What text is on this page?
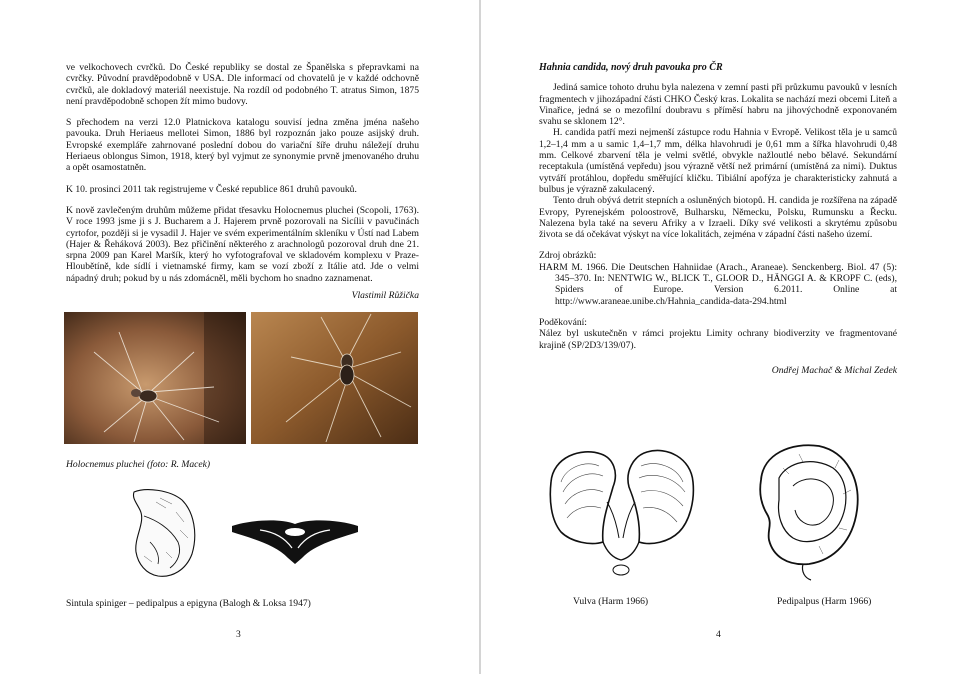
ve velkochovech cvrčků. Do České republiky se dostal ze Španělska s přepravkami na cvrčky. Původní pravděpodobně v USA. Dle informací od chovatelů je v každé odchovně cvrčků, ale dokladový materiál neexistuje. Na rozdíl od podobného T. atratus Simon, 1875 není pravděpodobně schopen žít mimo budovy.

S přechodem na verzi 12.0 Platnickova katalogu souvisí jedna změna jména našeho pavouka. Druh Heriaeus mellotei Simon, 1886 byl rozpoznán jako pouze asijský druh. Evropské exempláře zahrnované poslední dobou do variační šíře druhu náležejí druhu Heriaeus oblongus Simon, 1918, který byl vyjmut ze synonymie prvně jmenovaného druhu a opět osamostatněn.

K 10. prosinci 2011 tak registrujeme v České republice 861 druhů pavouků.

K nově zavlečeným druhům můžeme přidat třesavku Holocnemus pluchei (Scopoli, 1763). V roce 1993 jsme ji s J. Bucharem a J. Hajerem prvně pozorovali na Sicílii v pavučinách cyrtofor, později si je vysadil J. Hajer ve svém experimentálním skleníku v Ústí nad Labem (Hajer & Řeháková 2003). Bez přičinění některého z arachnologů pozoroval druh dne 21. srpna 2009 pan Karel Maršík, který ho vyfotografoval ve skladovém komplexu v Praze-Hloubětíně, kde sídlí i vietnamské firmy, kam se vozí zboží z Itálie atd. Jde o velmi nápadný druh; pokud by u nás zdomácněl, měli bychom ho snadno zaznamenat.

Vlastimil Růžička
Holocnemus pluchei (foto: R. Macek)
Sintula spiniger – pedipalpus a epigyna (Balogh & Loksa 1947)
3

Hahnia candida, nový druh pavouka pro ČR

Jediná samice tohoto druhu byla nalezena v zemní pasti při průzkumu pavouků v lesních fragmentech v jihozápadní části CHKO Český kras. Lokalita se nachází mezi obcemi Liteň a Vinařice, jedná se o mezofilní doubravu s příměsí habru na jihovýchodně exponovaném svahu se sklonem 12°.

H. candida patří mezi nejmenší zástupce rodu Hahnia v Evropě. Velikost těla je u samců 1,2–1,4 mm a u samic 1,4–1,7 mm, délka hlavohrudi je 0,61 mm a šířka hlavohrudi 0,48 mm. Celkové zbarvení těla je velmi světlé, obvykle nažloutlé nebo bělavé. Sekundární receptakula (umístěná vepředu) jsou výrazně větší než primární (umístěná za nimi). Duktus vytváří protáhlou, dopředu směřující kličku. Tibiální apofýza je charakteristicky zahnutá a bulbus je výrazně zakulacený.

Tento druh obývá detrit stepních a osluněných biotopů. H. candida je rozšířena na západě Evropy, Pyrenejském poloostrově, Bulharsku, Německu, Polsku, Rumunsku a Řecku. Nalezena byla také na severu Afriky a v Izraeli. Díky své velikosti a skrytému způsobu života se dá očekávat výskyt na více lokalitách, zejména v západní části našeho území.

Zdroj obrázků:

HARM M. 1966. Die Deutschen Hahniidae (Arach., Araneae). Senckenberg. Biol. 47 (5): 345–370. In: NENTWIG W., BLICK T., GLOOR D., HÄNGGI A. & KROPF C. (eds), Spiders of Europe. Version 6.2011. Online at http://www.araneae.unibe.ch/Hahnia_candida-data-294.html

Poděkování:

Nález byl uskutečněn v rámci projektu Limity ochrany biodiverzity ve fragmentované krajině (SP/2D3/139/07).

Ondřej Machač & Michal Zedek
Vulva (Harm 1966)	Pedipalpus (Harm 1966)
4
